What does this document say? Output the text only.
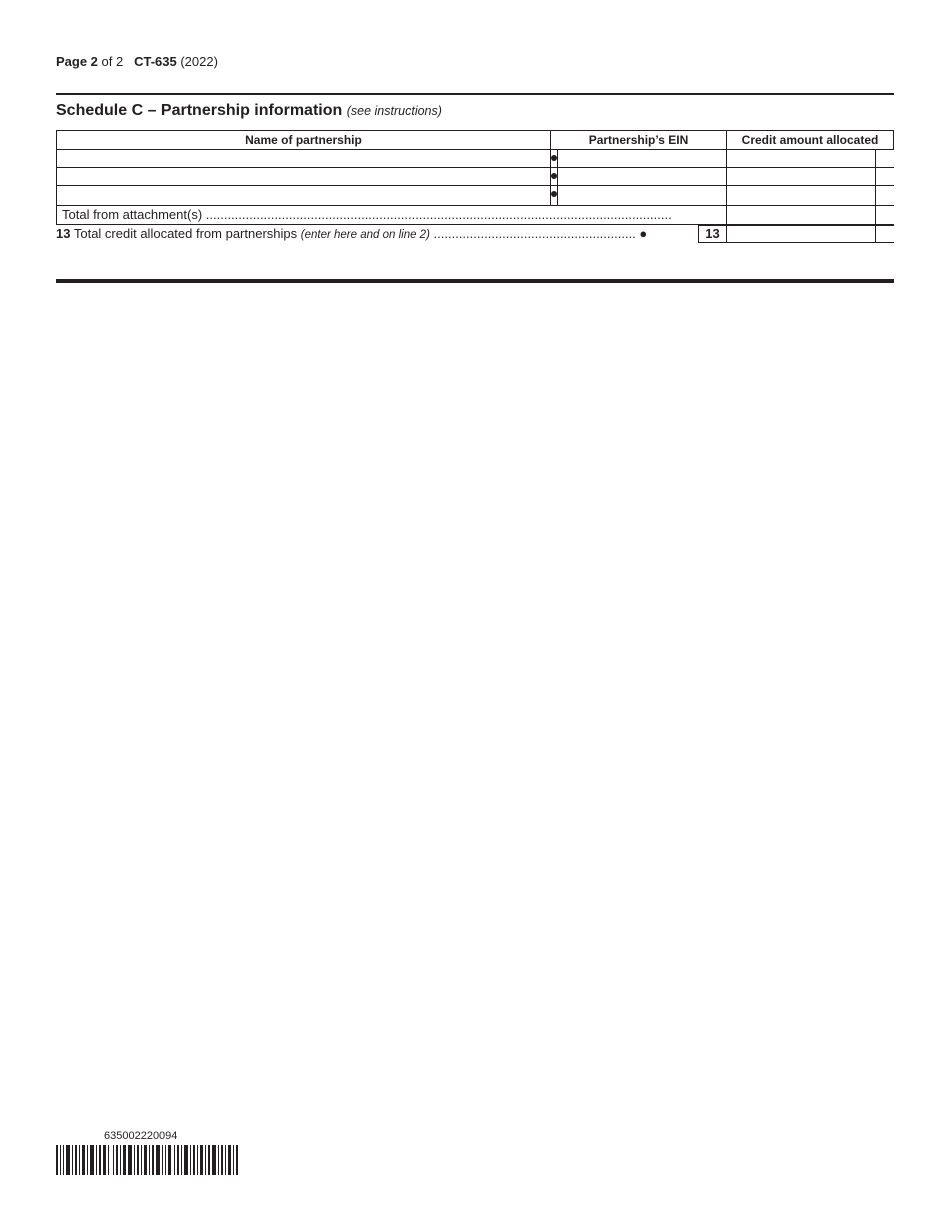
Page 2 of 2 CT-635 (2022)
Schedule C – Partnership information (see instructions)
Name of partnership	Partnership’s EIN	Credit amount allocated
Total from attachment(s) .................................................................................................................................
13
13 Total credit allocated from partnerships (enter here and on line 2) ........................................................ ●
635002220094
